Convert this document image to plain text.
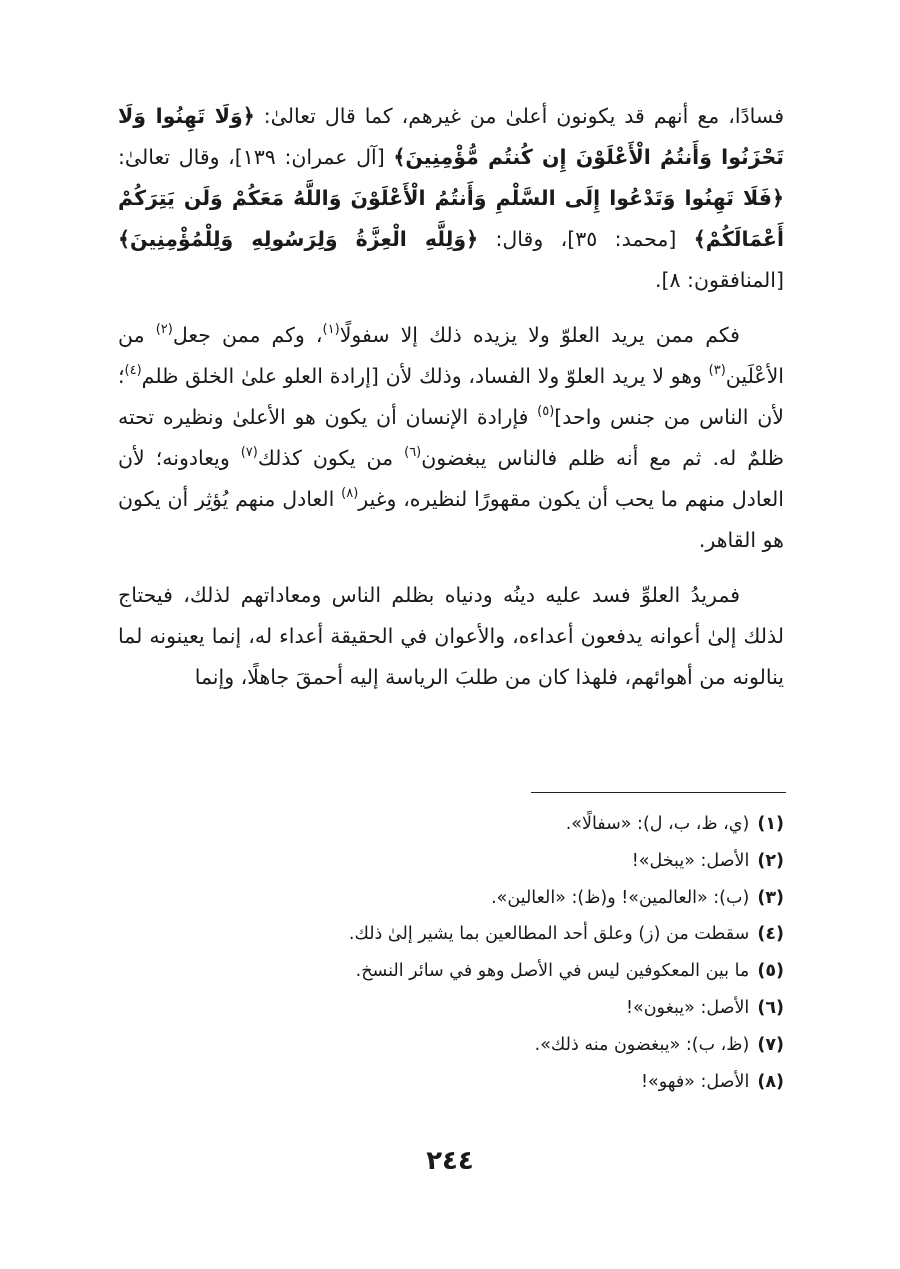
فسادًا، مع أنهم قد يكونون أعلىٰ من غيرهم، كما قال تعالىٰ: ﴿وَلَا تَهِنُوا وَلَا تَحْزَنُوا وَأَنتُمُ الْأَعْلَوْنَ إِن كُنتُم مُّؤْمِنِينَ﴾ [آل عمران: ١٣٩]، وقال تعالىٰ: ﴿فَلَا تَهِنُوا وَتَدْعُوا إِلَى السَّلْمِ وَأَنتُمُ الْأَعْلَوْنَ وَاللَّهُ مَعَكُمْ وَلَن يَتِرَكُمْ أَعْمَالَكُمْ﴾ [محمد: ٣٥]، وقال: ﴿وَلِلَّهِ الْعِزَّةُ وَلِرَسُولِهِ وَلِلْمُؤْمِنِينَ﴾ [المنافقون: ٨].

فكم ممن يريد العلوّ ولا يزيده ذلك إلا سفولًا$^{(١)}$، وكم ممن جعل$^{(٢)}$ من الأعْلَين$^{(٣)}$ وهو لا يريد العلوّ ولا الفساد، وذلك لأن [إرادة العلو علىٰ الخلق ظلم$^{(٤)}$؛ لأن الناس من جنس واحد]$^{(٥)}$ فإرادة الإنسان أن يكون هو الأعلىٰ ونظيره تحته ظلمٌ له. ثم مع أنه ظلم فالناس يبغضون$^{(٦)}$ من يكون كذلك$^{(٧)}$ ويعادونه؛ لأن العادل منهم ما يحب أن يكون مقهورًا لنظيره، وغير$^{(٨)}$ العادل منهم يُؤثِر أن يكون هو القاهر.

فمريدُ العلوِّ فسد عليه دينُه ودنياه بظلم الناس ومعاداتهم لذلك، فيحتاج لذلك إلىٰ أعوانه يدفعون أعداءه، والأعوان في الحقيقة أعداء له، إنما يعينونه لما ينالونه من أهوائهم، فلهذا كان من طلبَ الرياسة إليه أحمقَ جاهلًا، وإنما

(١)(ي، ظ، ب، ل): «سفالًا».

(٢)الأصل: «يبخل»!

(٣)(ب): «العالمين»! و(ظ): «العالين».

(٤)سقطت من (ز) وعلق أحد المطالعين بما يشير إلىٰ ذلك.

(٥)ما بين المعكوفين ليس في الأصل وهو في سائر النسخ.

(٦)الأصل: «يبغون»!

(٧)(ظ، ب): «يبغضون منه ذلك».

(٨)الأصل: «فهو»!

٢٤٤
